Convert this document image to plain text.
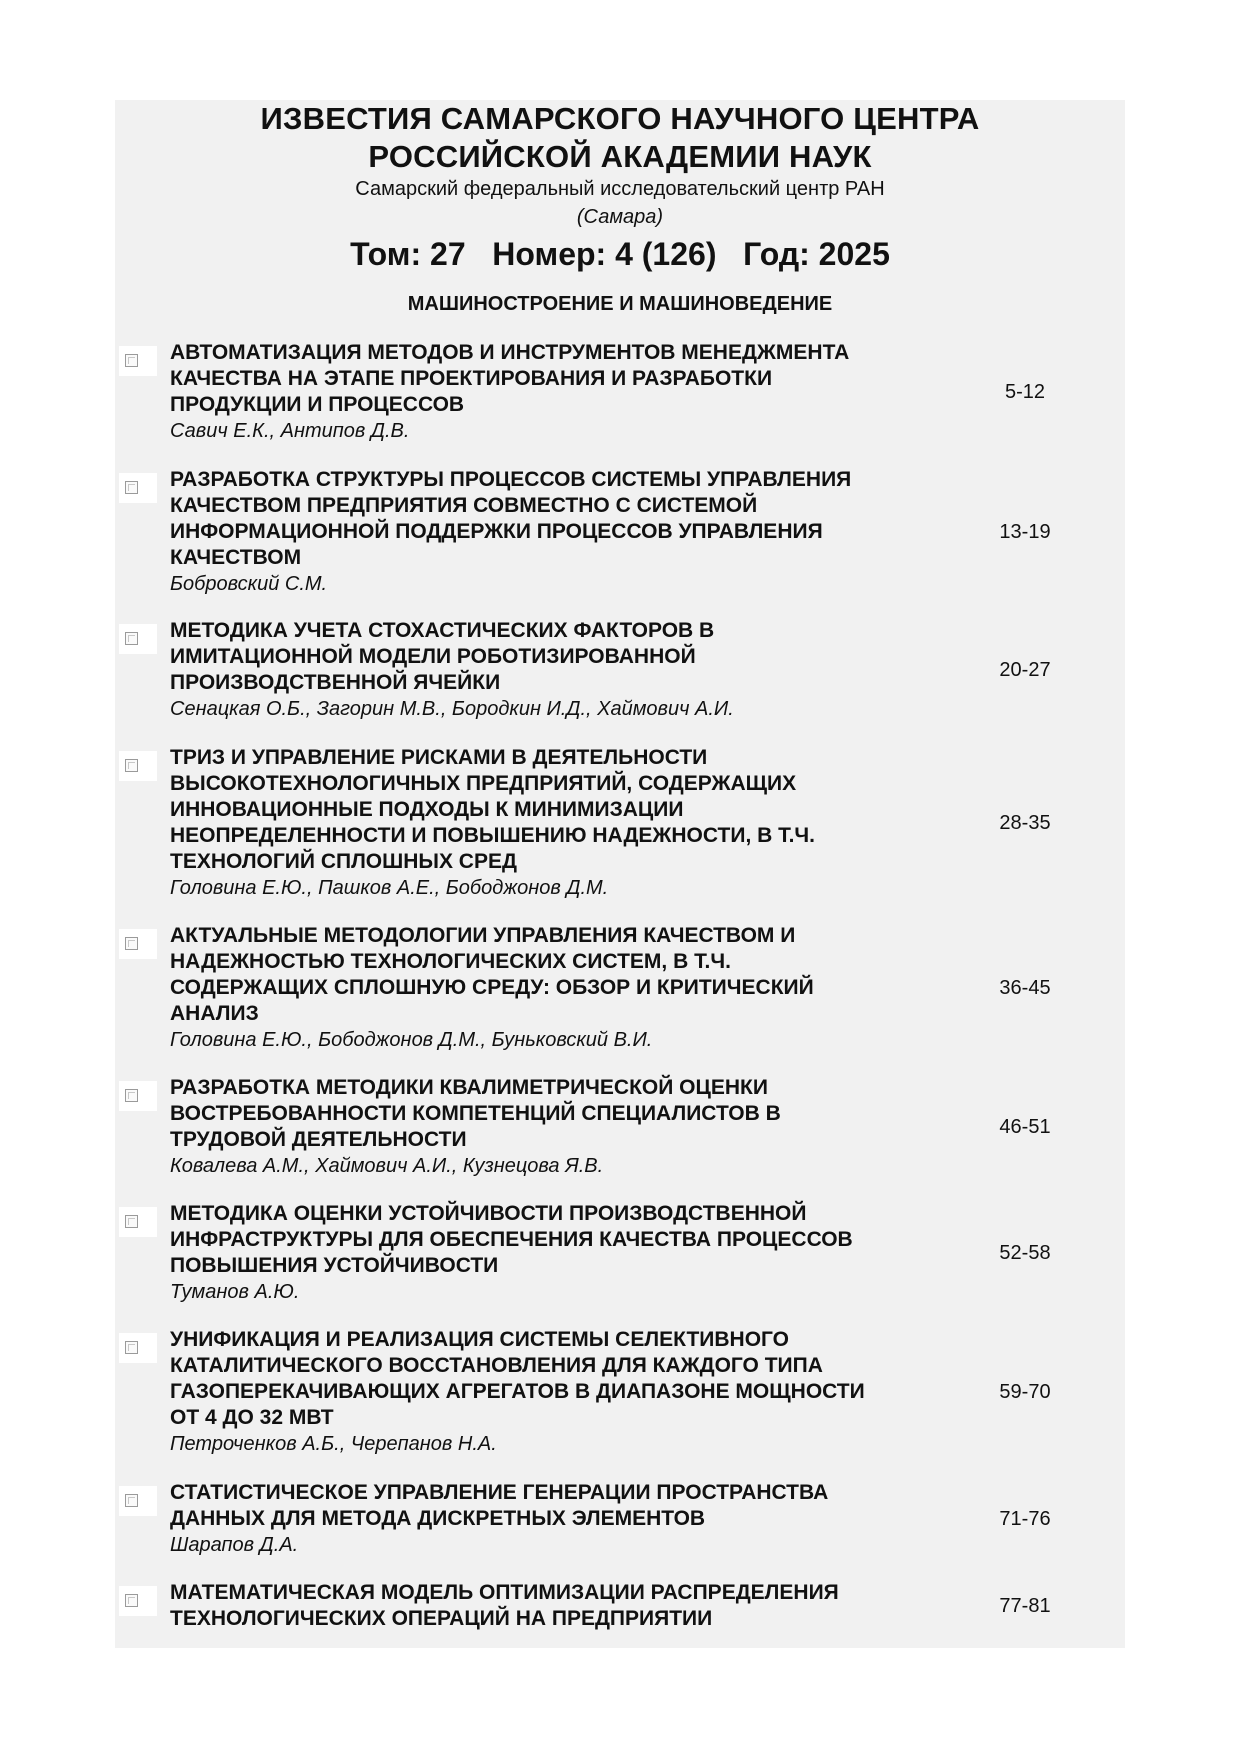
ИЗВЕСТИЯ САМАРСКОГО НАУЧНОГО ЦЕНТРА
РОССИЙСКОЙ АКАДЕМИИ НАУК
Самарский федеральный исследовательский центр РАН
(Самара)
Том: 27   Номер: 4 (126)   Год: 2025
МАШИНОСТРОЕНИЕ И МАШИНОВЕДЕНИЕ
АВТОМАТИЗАЦИЯ МЕТОДОВ И ИНСТРУМЕНТОВ МЕНЕДЖМЕНТА
КАЧЕСТВА НА ЭТАПЕ ПРОЕКТИРОВАНИЯ И РАЗРАБОТКИ
ПРОДУКЦИИ И ПРОЦЕССОВ
Савич Е.К., Антипов Д.В.
5-12
РАЗРАБОТКА СТРУКТУРЫ ПРОЦЕССОВ СИСТЕМЫ УПРАВЛЕНИЯ
КАЧЕСТВОМ ПРЕДПРИЯТИЯ СОВМЕСТНО С СИСТЕМОЙ
ИНФОРМАЦИОННОЙ ПОДДЕРЖКИ ПРОЦЕССОВ УПРАВЛЕНИЯ
КАЧЕСТВОМ
Бобровский С.М.
13-19
МЕТОДИКА УЧЕТА СТОХАСТИЧЕСКИХ ФАКТОРОВ В
ИМИТАЦИОННОЙ МОДЕЛИ РОБОТИЗИРОВАННОЙ
ПРОИЗВОДСТВЕННОЙ ЯЧЕЙКИ
Сенацкая О.Б., Загорин М.В., Бородкин И.Д., Хаймович А.И.
20-27
ТРИЗ И УПРАВЛЕНИЕ РИСКАМИ В ДЕЯТЕЛЬНОСТИ
ВЫСОКОТЕХНОЛОГИЧНЫХ ПРЕДПРИЯТИЙ, СОДЕРЖАЩИХ
ИННОВАЦИОННЫЕ ПОДХОДЫ К МИНИМИЗАЦИИ
НЕОПРЕДЕЛЕННОСТИ И ПОВЫШЕНИЮ НАДЕЖНОСТИ, В Т.Ч.
ТЕХНОЛОГИЙ СПЛОШНЫХ СРЕД
Головина Е.Ю., Пашков А.Е., Бободжонов Д.М.
28-35
АКТУАЛЬНЫЕ МЕТОДОЛОГИИ УПРАВЛЕНИЯ КАЧЕСТВОМ И
НАДЕЖНОСТЬЮ ТЕХНОЛОГИЧЕСКИХ СИСТЕМ, В Т.Ч.
СОДЕРЖАЩИХ СПЛОШНУЮ СРЕДУ: ОБЗОР И КРИТИЧЕСКИЙ
АНАЛИЗ
Головина Е.Ю., Бободжонов Д.М., Буньковский В.И.
36-45
РАЗРАБОТКА МЕТОДИКИ КВАЛИМЕТРИЧЕСКОЙ ОЦЕНКИ
ВОСТРЕБОВАННОСТИ КОМПЕТЕНЦИЙ СПЕЦИАЛИСТОВ В
ТРУДОВОЙ ДЕЯТЕЛЬНОСТИ
Ковалева А.М., Хаймович А.И., Кузнецова Я.В.
46-51
МЕТОДИКА ОЦЕНКИ УСТОЙЧИВОСТИ ПРОИЗВОДСТВЕННОЙ
ИНФРАСТРУКТУРЫ ДЛЯ ОБЕСПЕЧЕНИЯ КАЧЕСТВА ПРОЦЕССОВ
ПОВЫШЕНИЯ УСТОЙЧИВОСТИ
Туманов А.Ю.
52-58
УНИФИКАЦИЯ И РЕАЛИЗАЦИЯ СИСТЕМЫ СЕЛЕКТИВНОГО
КАТАЛИТИЧЕСКОГО ВОССТАНОВЛЕНИЯ ДЛЯ КАЖДОГО ТИПА
ГАЗОПЕРЕКАЧИВАЮЩИХ АГРЕГАТОВ В ДИАПАЗОНЕ МОЩНОСТИ
ОТ 4 ДО 32 МВТ
Петроченков А.Б., Черепанов Н.А.
59-70
СТАТИСТИЧЕСКОЕ УПРАВЛЕНИЕ ГЕНЕРАЦИИ ПРОСТРАНСТВА
ДАННЫХ ДЛЯ МЕТОДА ДИСКРЕТНЫХ ЭЛЕМЕНТОВ
Шарапов Д.А.
71-76
МАТЕМАТИЧЕСКАЯ МОДЕЛЬ ОПТИМИЗАЦИИ РАСПРЕДЕЛЕНИЯ
ТЕХНОЛОГИЧЕСКИХ ОПЕРАЦИЙ НА ПРЕДПРИЯТИИ
77-81
